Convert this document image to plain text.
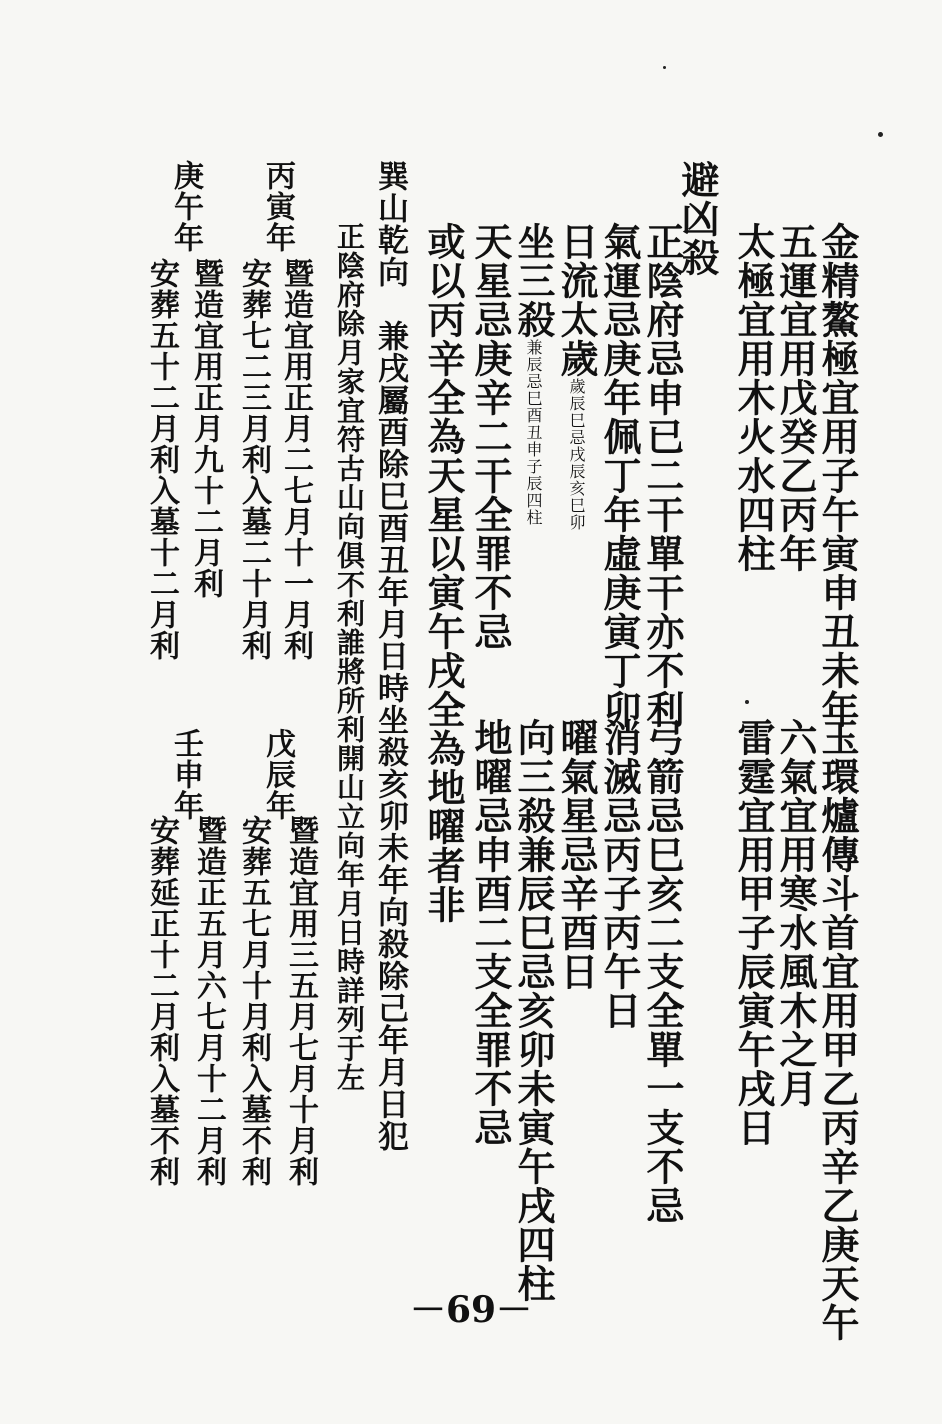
金精鰲極宜用子午寅申丑未年
五運宜用戊癸乙丙年
太極宜用木火水四柱
避凶殺
正陰府忌申已二干單干亦不利
氣運忌庚年佩丁年虛庚寅丁卯
日流太歲歲辰巳忌戌辰亥巳卯
坐三殺兼辰忌巳酉丑申子辰四柱
天星忌庚辛二干全罪不忌
或以丙辛全為天星以寅午戌全為地曜者非
巽山乾向　兼戌屬酉除巳酉丑年月日時坐殺亥卯未年向殺除己年月日犯
正陰府除月家宜符古山向俱不利誰將所利開山立向年月日時詳列于左
丙寅年
暨造宜用正月二七月十一月利
安葬七二三月利入墓二十月利
庚午年
暨造宜用正月九十二月利
安葬五十二月利入墓十二月利
玉環爐傳斗首宜用甲乙丙辛乙庚天午
六氣宜用寒水風木之月
雷霆宜用甲子辰寅午戌日
弓箭忌巳亥二支全單一支不忌
消滅忌丙子丙午日
曜氣星忌辛酉日
向三殺兼辰巳忌亥卯未寅午戌四柱
地曜忌申酉二支全罪不忌
戊辰年
暨造宜用三五月七月十月利
安葬五七月十月利入墓不利
壬申年
暨造正五月六七月十二月利
安葬延正十二月利入墓不利
－69－
